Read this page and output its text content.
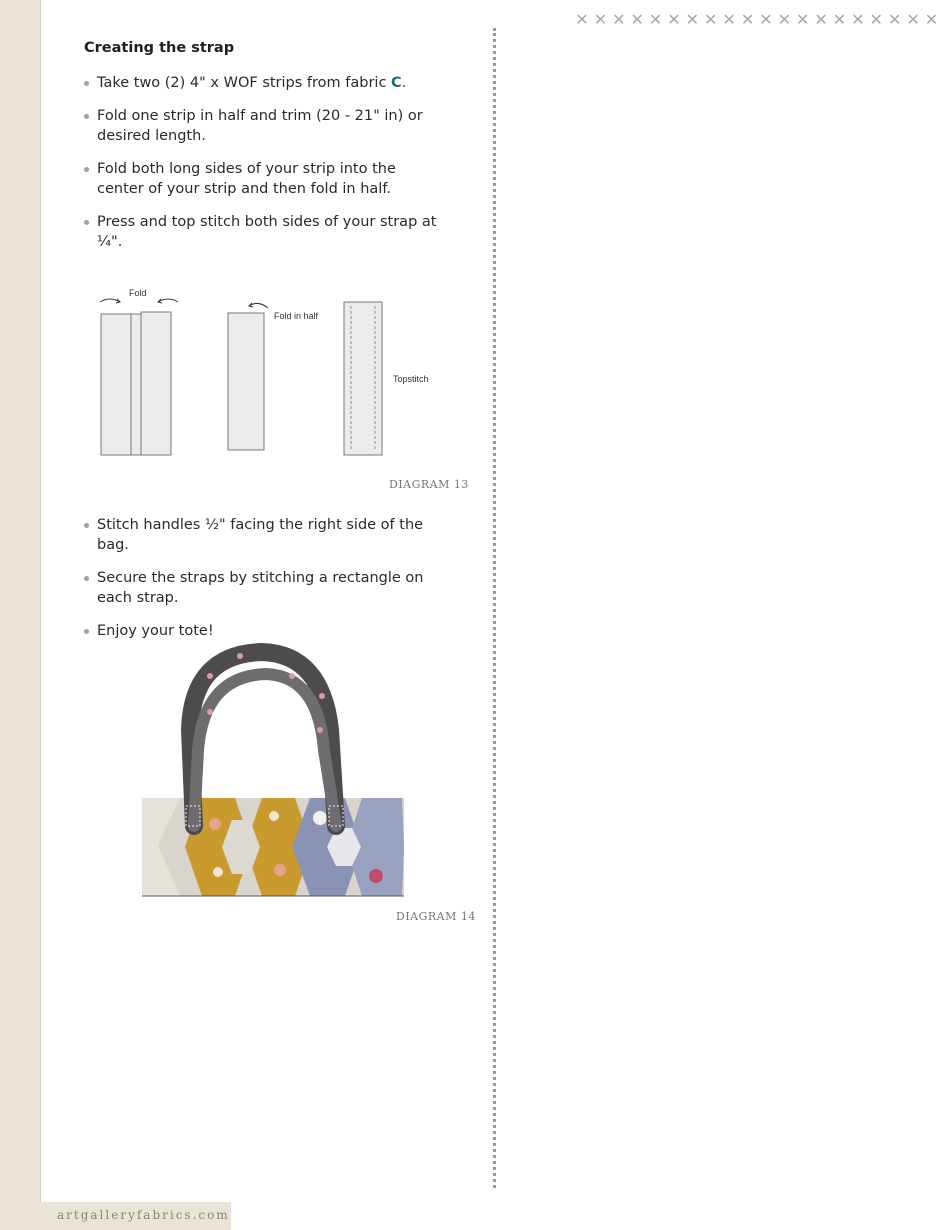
artgalleryfabrics.com
✕ ✕ ✕ ✕ ✕ ✕ ✕ ✕ ✕ ✕ ✕ ✕ ✕ ✕ ✕ ✕ ✕ ✕ ✕ ✕
Creating the strap
Take two (2) 4" x WOF strips from fabric C.
Fold one strip in half and trim (20 - 21" in) or desired length.
Fold both long sides of your strip into the center of your strip and then fold in half.
Press and top stitch both sides of your strap at ¼".
Fold
Fold in half
Topstitch
DIAGRAM 13
Stitch handles ½" facing the right side of the bag.
Secure the straps by stitching a rectangle on each strap.
Enjoy your tote!
DIAGRAM 14
